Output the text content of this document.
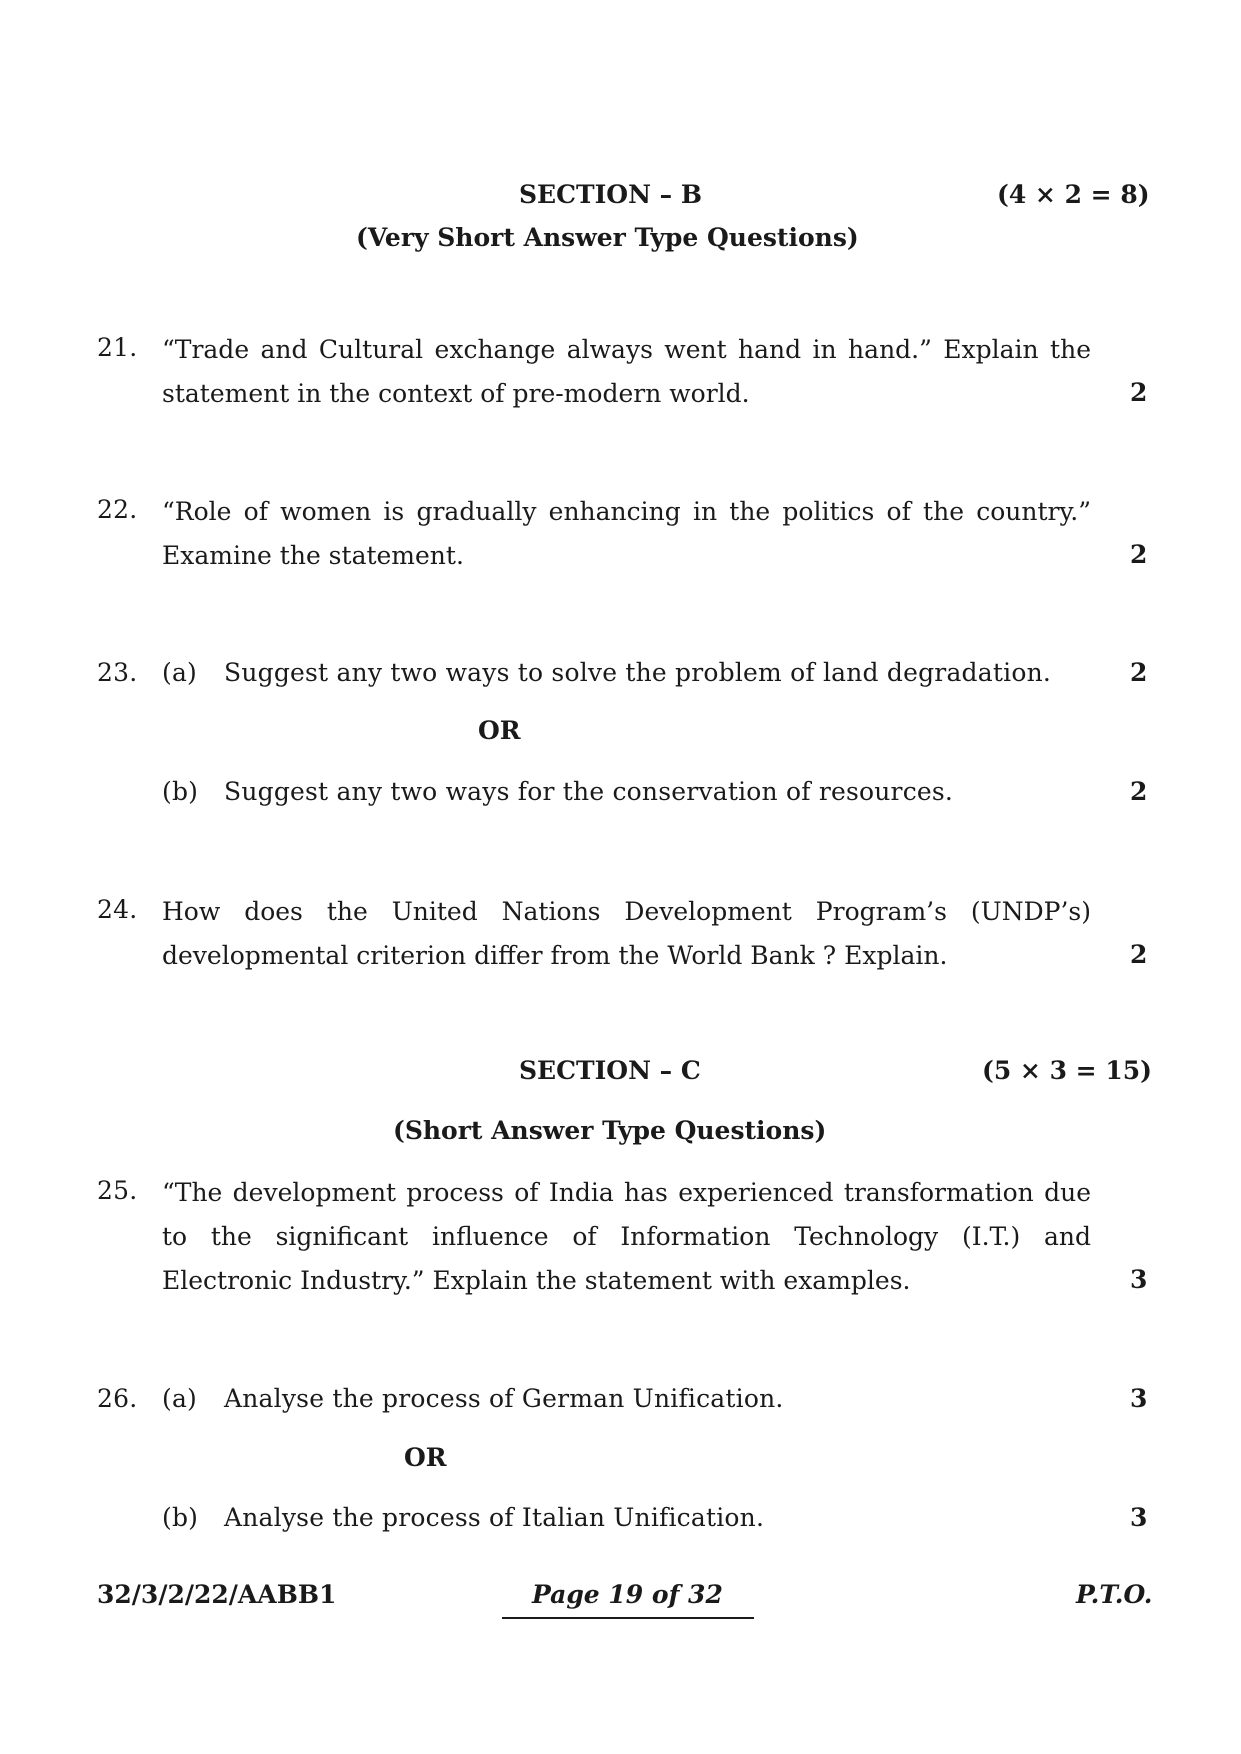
SECTION – B	(4 × 2 = 8)
(Very Short Answer Type Questions)
21. “Trade and Cultural exchange always went hand in hand.” Explain the statement in the context of pre-modern world.	2
22. “Role of women is gradually enhancing in the politics of the country.” Examine the statement.	2
23. (a) Suggest any two ways to solve the problem of land degradation.	2
OR
(b) Suggest any two ways for the conservation of resources.	2
24. How does the United Nations Development Program’s (UNDP’s) developmental criterion differ from the World Bank ? Explain.	2
SECTION – C	(5 × 3 = 15)
(Short Answer Type Questions)
25. “The development process of India has experienced transformation due to the significant influence of Information Technology (I.T.) and Electronic Industry.” Explain the statement with examples.	3
26. (a) Analyse the process of German Unification.	3
OR
(b) Analyse the process of Italian Unification.	3
32/3/2/22/AABB1	Page 19 of 32	P.T.O.
